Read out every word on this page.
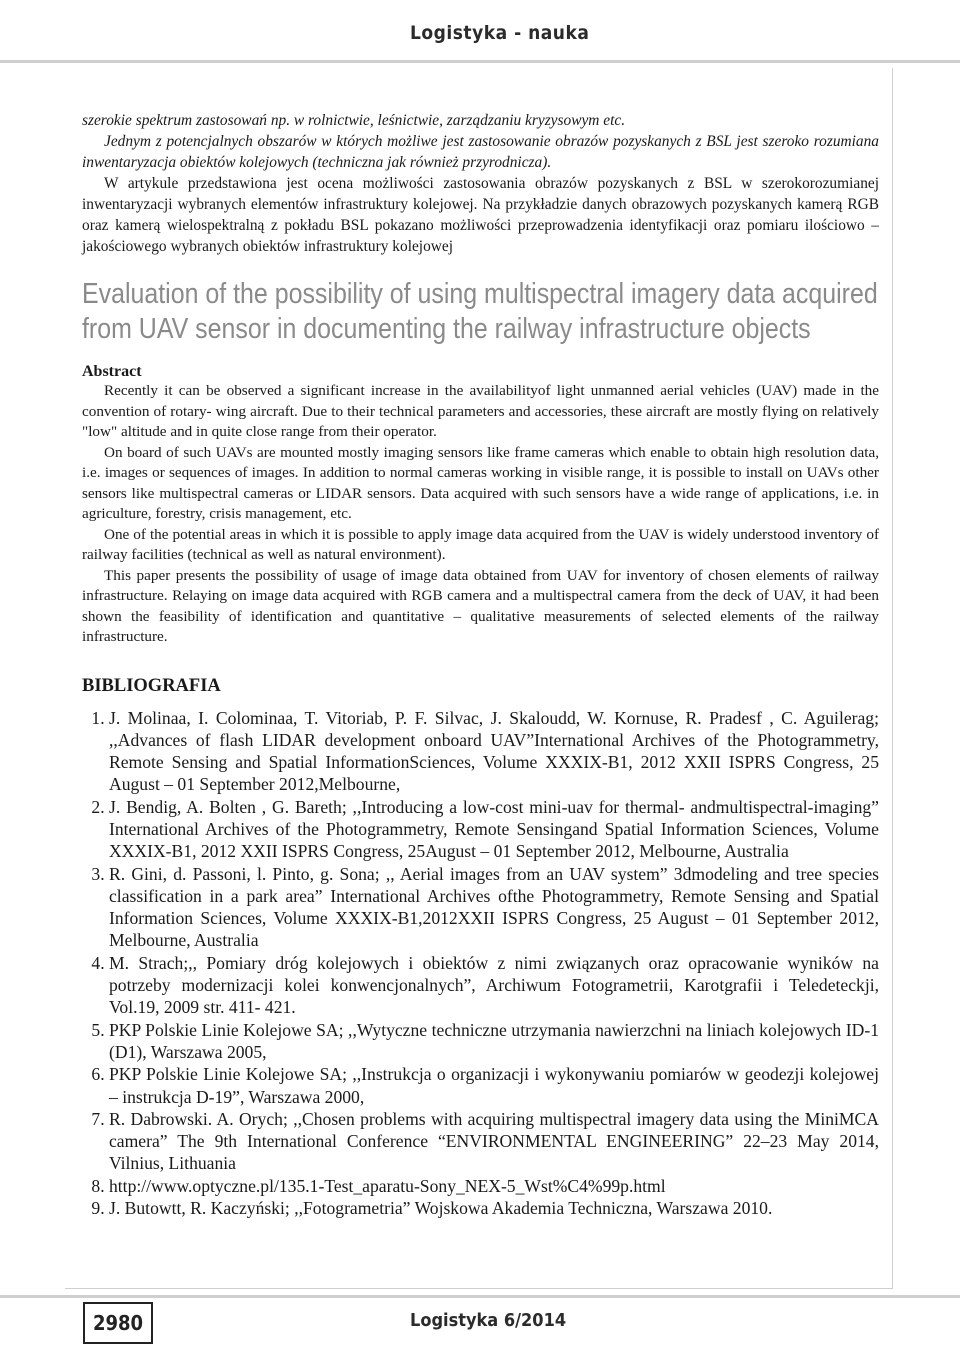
Logistyka - nauka

szerokie spektrum zastosowań np. w rolnictwie, leśnictwie, zarządzaniu kryzysowym etc.

Jednym z potencjalnych obszarów w których możliwe jest zastosowanie obrazów pozyskanych z BSL jest szeroko rozumiana inwentaryzacja obiektów kolejowych (techniczna jak również przyrodnicza).

W artykule przedstawiona jest ocena możliwości zastosowania obrazów pozyskanych z BSL w szerokorozumianej inwentaryzacji wybranych elementów infrastruktury kolejowej. Na przykładzie danych obrazowych pozyskanych kamerą RGB oraz kamerą wielospektralną z pokładu BSL pokazano możliwości przeprowadzenia identyfikacji oraz pomiaru ilościowo – jakościowego wybranych obiektów infrastruktury kolejowej

Evaluation of the possibility of using multispectral imagery data acquired from UAV sensor in documenting the railway infrastructure objects
Abstract

Recently it can be observed a significant increase in the availabilityof light unmanned aerial vehicles (UAV) made in the convention of rotary- wing aircraft. Due to their technical parameters and accessories, these aircraft are mostly flying on relatively "low" altitude and in quite close range from their operator.

On board of such UAVs are mounted mostly imaging sensors like frame cameras which enable to obtain high resolution data, i.e. images or sequences of images. In addition to normal cameras working in visible range, it is possible to install on UAVs other sensors like multispectral cameras or LIDAR sensors. Data acquired with such sensors have a wide range of applications, i.e. in agriculture, forestry, crisis management, etc.

One of the potential areas in which it is possible to apply image data acquired from the UAV is widely understood inventory of railway facilities (technical as well as natural environment).

This paper presents the possibility of usage of image data obtained from UAV for inventory of chosen elements of railway infrastructure. Relaying on image data acquired with RGB camera and a multispectral camera from the deck of UAV, it had been shown the feasibility of identification and quantitative – qualitative measurements of selected elements of the railway infrastructure.

BIBLIOGRAFIA
1. J. Molinaa, I. Colominaa, T. Vitoriab, P. F. Silvac, J. Skaloudd, W. Kornuse, R. Pradesf , C. Aguilerag; ,,Advances of flash LIDAR development onboard UAV”International Archives of the Photogrammetry, Remote Sensing and Spatial InformationSciences, Volume XXXIX-B1, 2012 XXII ISPRS Congress, 25 August – 01 September 2012,Melbourne,
2. J. Bendig, A. Bolten , G. Bareth; ,,Introducing a low-cost mini-uav for thermal- andmultispectral-imaging” International Archives of the Photogrammetry, Remote Sensingand Spatial Information Sciences, Volume XXXIX-B1, 2012 XXII ISPRS Congress, 25August – 01 September 2012, Melbourne, Australia
3. R. Gini, d. Passoni, l. Pinto, g. Sona; ,, Aerial images from an UAV system” 3dmodeling and tree species classification in a park area” International Archives ofthe Photogrammetry, Remote Sensing and Spatial Information Sciences, Volume XXXIX-B1,2012XXII ISPRS Congress, 25 August – 01 September 2012, Melbourne, Australia
4. M. Strach;,, Pomiary dróg kolejowych i obiektów z nimi związanych oraz opracowanie wyników na potrzeby modernizacji kolei konwencjonalnych”, Archiwum Fotogrametrii, Karotgrafii i Teledeteckji, Vol.19, 2009 str. 411- 421.
5. PKP Polskie Linie Kolejowe SA; ,,Wytyczne techniczne utrzymania nawierzchni na liniach kolejowych ID-1 (D1), Warszawa 2005,
6. PKP Polskie Linie Kolejowe SA; ,,Instrukcja o organizacji i wykonywaniu pomiarów w geodezji kolejowej – instrukcja D-19”, Warszawa 2000,
7. R. Dabrowski. A. Orych; ,,Chosen problems with acquiring multispectral imagery data using the MiniMCA camera” The 9th International Conference “ENVIRONMENTAL ENGINEERING” 22–23 May 2014, Vilnius, Lithuania
8. http://www.optyczne.pl/135.1-Test_aparatu-Sony_NEX-5_Wst%C4%99p.html
9. J. Butowtt, R. Kaczyński; ,,Fotogrametria” Wojskowa Akademia Techniczna, Warszawa 2010.
2980	Logistyka 6/2014
